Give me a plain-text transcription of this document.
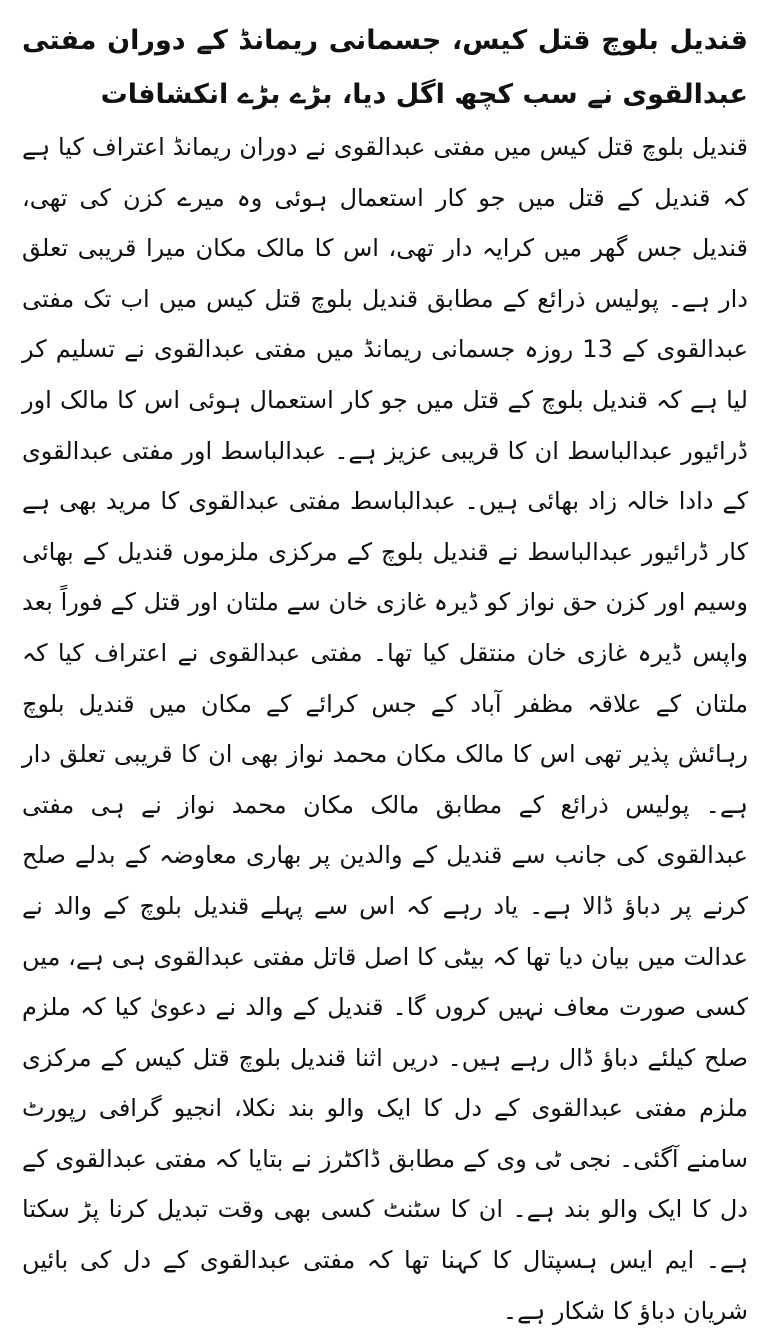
قندیل بلوچ قتل کیس، جسمانی ریمانڈ کے دوران مفتی عبدالقوی نے سب کچھ اگل دیا، بڑے بڑے انکشافات

قندیل بلوچ قتل کیس میں مفتی عبدالقوی نے دوران ریمانڈ اعتراف کیا ہے کہ قندیل کے قتل میں جو کار استعمال ہوئی وہ میرے کزن کی تھی، قندیل جس گھر میں کرایہ دار تھی، اس کا مالک مکان میرا قریبی تعلق دار ہے۔ پولیس ذرائع کے مطابق قندیل بلوچ قتل کیس میں اب تک مفتی عبدالقوی کے 13 روزہ جسمانی ریمانڈ میں مفتی عبدالقوی نے تسلیم کر لیا ہے کہ قندیل بلوچ کے قتل میں جو کار استعمال ہوئی اس کا مالک اور ڈرائیور عبدالباسط ان کا قریبی عزیز ہے۔ عبدالباسط اور مفتی عبدالقوی کے دادا خالہ زاد بھائی ہیں۔ عبدالباسط مفتی عبدالقوی کا مرید بھی ہے کار ڈرائیور عبدالباسط نے قندیل بلوچ کے مرکزی ملزموں قندیل کے بھائی وسیم اور کزن حق نواز کو ڈیرہ غازی خان سے ملتان اور قتل کے فوراً بعد واپس ڈیرہ غازی خان منتقل کیا تھا۔ مفتی عبدالقوی نے اعتراف کیا کہ ملتان کے علاقہ مظفر آباد کے جس کرائے کے مکان میں قندیل بلوچ رہائش پذیر تھی اس کا مالک مکان محمد نواز بھی ان کا قریبی تعلق دار ہے۔ پولیس ذرائع کے مطابق مالک مکان محمد نواز نے ہی مفتی عبدالقوی کی جانب سے قندیل کے والدین پر بھاری معاوضہ کے بدلے صلح کرنے پر دباؤ ڈالا ہے۔ یاد رہے کہ اس سے پہلے قندیل بلوچ کے والد نے عدالت میں بیان دیا تھا کہ بیٹی کا اصل قاتل مفتی عبدالقوی ہی ہے، میں کسی صورت معاف نہیں کروں گا۔ قندیل کے والد نے دعویٰ کیا کہ ملزم صلح کیلئے دباؤ ڈال رہے ہیں۔ دریں اثنا قندیل بلوچ قتل کیس کے مرکزی ملزم مفتی عبدالقوی کے دل کا ایک والو بند نکلا، انجیو گرافی رپورٹ سامنے آگئی۔ نجی ٹی وی کے مطابق ڈاکٹرز نے بتایا کہ مفتی عبدالقوی کے دل کا ایک والو بند ہے۔ ان کا سٹنٹ کسی بھی وقت تبدیل کرنا پڑ سکتا ہے۔ ایم ایس ہسپتال کا کہنا تھا کہ مفتی عبدالقوی کے دل کی بائیں شریان دباؤ کا شکار ہے۔
